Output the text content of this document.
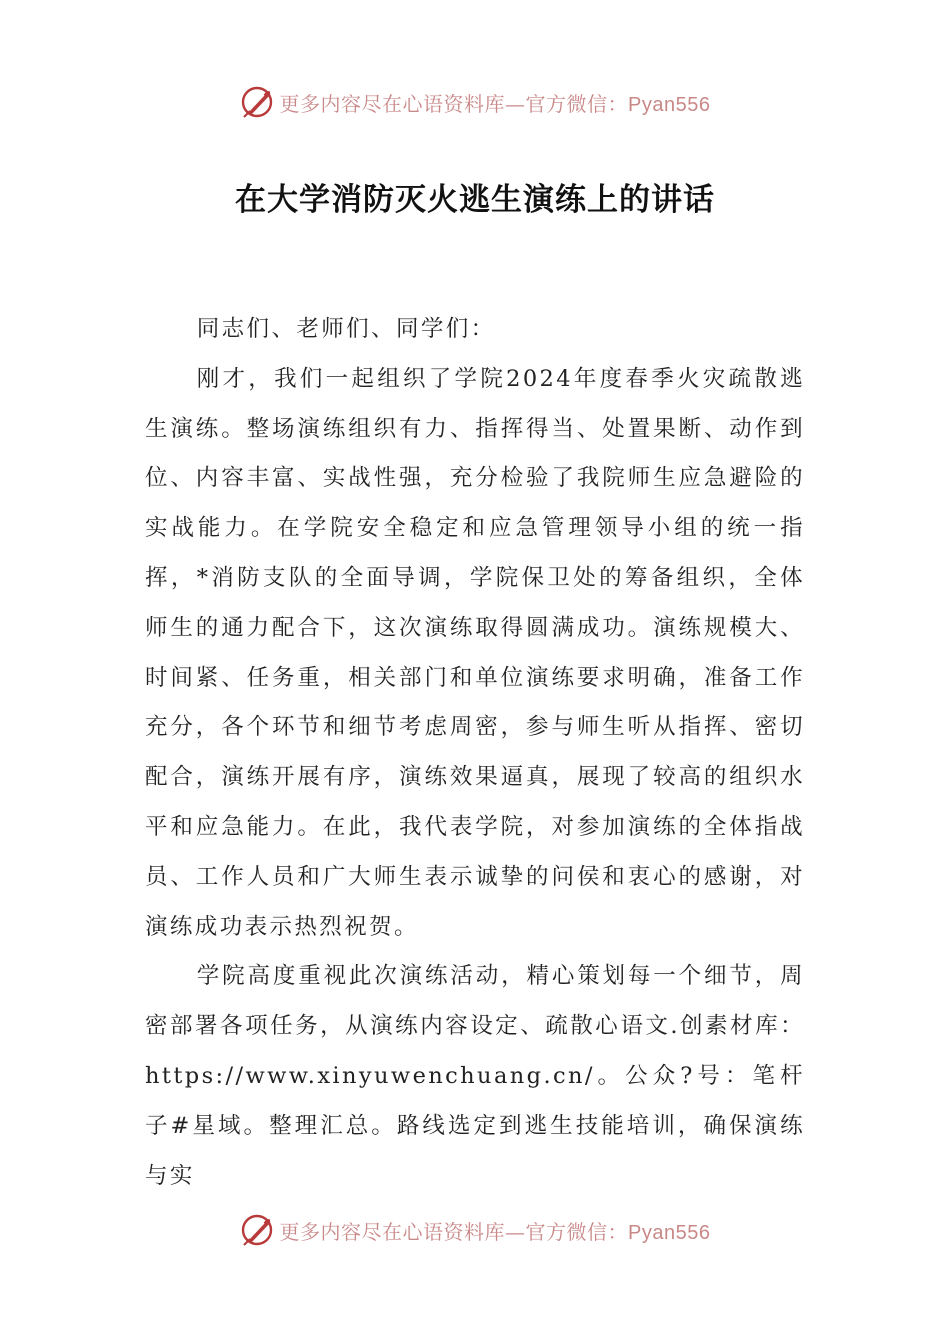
更多内容尽在心语资料库—官方微信：Pyan556
在大学消防灭火逃生演练上的讲话

同志们、老师们、同学们：

刚才，我们一起组织了学院2024年度春季火灾疏散逃生演练。整场演练组织有力、指挥得当、处置果断、动作到位、内容丰富、实战性强，充分检验了我院师生应急避险的实战能力。在学院安全稳定和应急管理领导小组的统一指挥，*消防支队的全面导调，学院保卫处的筹备组织，全体师生的通力配合下，这次演练取得圆满成功。演练规模大、时间紧、任务重，相关部门和单位演练要求明确，准备工作充分，各个环节和细节考虑周密，参与师生听从指挥、密切配合，演练开展有序，演练效果逼真，展现了较高的组织水平和应急能力。在此，我代表学院，对参加演练的全体指战员、工作人员和广大师生表示诚挚的问侯和衷心的感谢，对演练成功表示热烈祝贺。

学院高度重视此次演练活动，精心策划每一个细节，周密部署各项任务，从演练内容设定、疏散心语文.创素材库：https://www.xinyuwenchuang.cn/。公众?号：笔杆子#星域。整理汇总。路线选定到逃生技能培训，确保演练与实

更多内容尽在心语资料库—官方微信：Pyan556
